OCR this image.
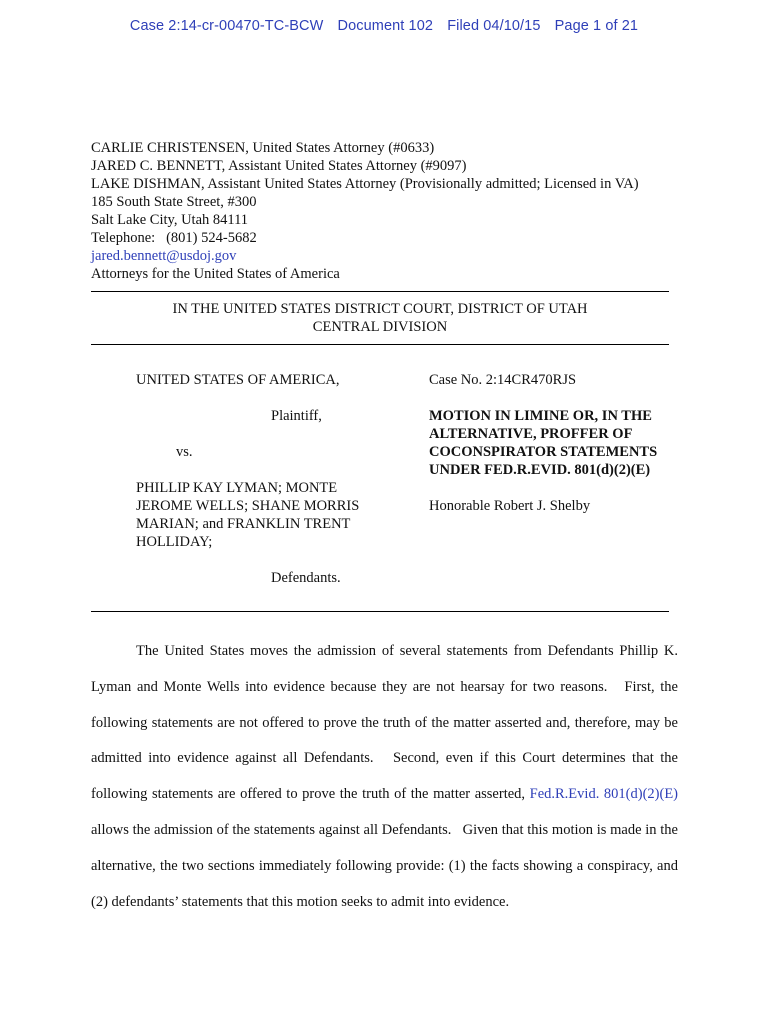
Case 2:14-cr-00470-TC-BCW Document 102 Filed 04/10/15 Page 1 of 21
CARLIE CHRISTENSEN, United States Attorney (#0633)
JARED C. BENNETT, Assistant United States Attorney (#9097)
LAKE DISHMAN, Assistant United States Attorney (Provisionally admitted; Licensed in VA)
185 South State Street, #300
Salt Lake City, Utah 84111
Telephone:   (801) 524-5682
jared.bennett@usdoj.gov
Attorneys for the United States of America
IN THE UNITED STATES DISTRICT COURT, DISTRICT OF UTAH
CENTRAL DIVISION
UNITED STATES OF AMERICA,
Plaintiff,
vs.
PHILLIP KAY LYMAN; MONTE
JEROME WELLS; SHANE MORRIS
MARIAN; and FRANKLIN TRENT
HOLLIDAY;
Defendants.
Case No. 2:14CR470RJS
MOTION IN LIMINE OR, IN THE
ALTERNATIVE, PROFFER OF
COCONSPIRATOR STATEMENTS
UNDER FED.R.EVID. 801(d)(2)(E)
Honorable Robert J. Shelby
The United States moves the admission of several statements from Defendants Phillip K. Lyman and Monte Wells into evidence because they are not hearsay for two reasons.   First, the following statements are not offered to prove the truth of the matter asserted and, therefore, may be admitted into evidence against all Defendants.   Second, even if this Court determines that the following statements are offered to prove the truth of the matter asserted, Fed.R.Evid. 801(d)(2)(E) allows the admission of the statements against all Defendants.   Given that this motion is made in the alternative, the two sections immediately following provide: (1) the facts showing a conspiracy, and (2) defendants’ statements that this motion seeks to admit into evidence.
